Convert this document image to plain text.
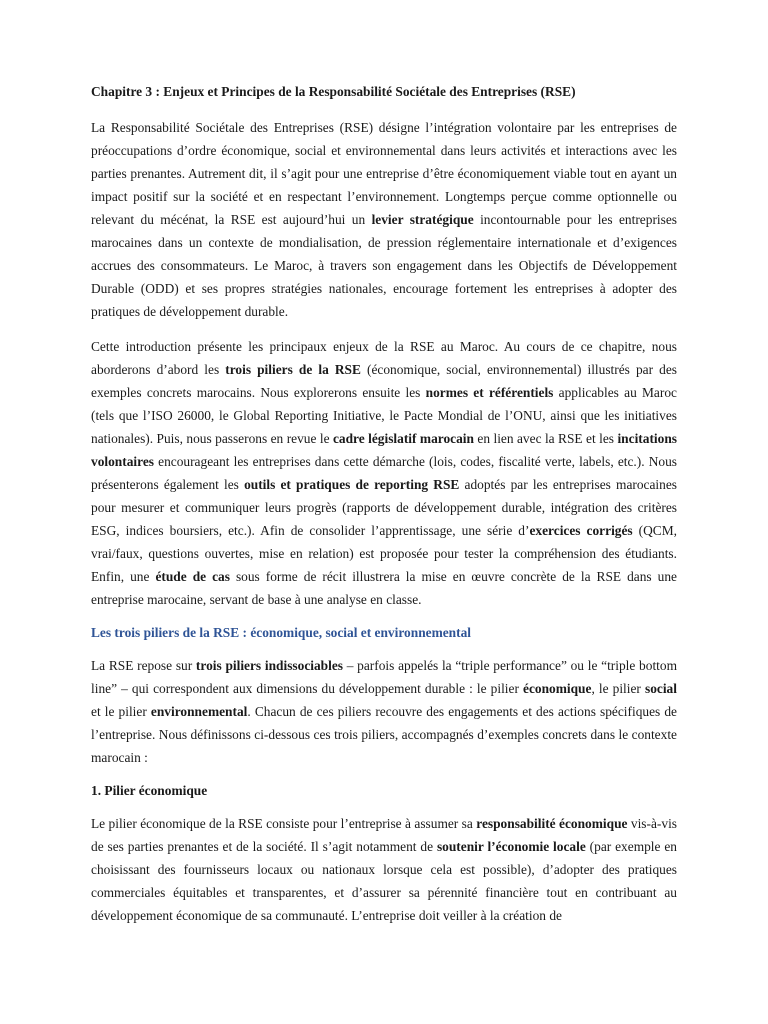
Chapitre 3 : Enjeux et Principes de la Responsabilité Sociétale des Entreprises (RSE)

La Responsabilité Sociétale des Entreprises (RSE) désigne l’intégration volontaire par les entreprises de préoccupations d’ordre économique, social et environnemental dans leurs activités et interactions avec les parties prenantes. Autrement dit, il s’agit pour une entreprise d’être économiquement viable tout en ayant un impact positif sur la société et en respectant l’environnement. Longtemps perçue comme optionnelle ou relevant du mécénat, la RSE est aujourd’hui un levier stratégique incontournable pour les entreprises marocaines dans un contexte de mondialisation, de pression réglementaire internationale et d’exigences accrues des consommateurs. Le Maroc, à travers son engagement dans les Objectifs de Développement Durable (ODD) et ses propres stratégies nationales, encourage fortement les entreprises à adopter des pratiques de développement durable.

Cette introduction présente les principaux enjeux de la RSE au Maroc. Au cours de ce chapitre, nous aborderons d’abord les trois piliers de la RSE (économique, social, environnemental) illustrés par des exemples concrets marocains. Nous explorerons ensuite les normes et référentiels applicables au Maroc (tels que l’ISO 26000, le Global Reporting Initiative, le Pacte Mondial de l’ONU, ainsi que les initiatives nationales). Puis, nous passerons en revue le cadre législatif marocain en lien avec la RSE et les incitations volontaires encourageant les entreprises dans cette démarche (lois, codes, fiscalité verte, labels, etc.). Nous présenterons également les outils et pratiques de reporting RSE adoptés par les entreprises marocaines pour mesurer et communiquer leurs progrès (rapports de développement durable, intégration des critères ESG, indices boursiers, etc.). Afin de consolider l’apprentissage, une série d’exercices corrigés (QCM, vrai/faux, questions ouvertes, mise en relation) est proposée pour tester la compréhension des étudiants. Enfin, une étude de cas sous forme de récit illustrera la mise en œuvre concrète de la RSE dans une entreprise marocaine, servant de base à une analyse en classe.

Les trois piliers de la RSE : économique, social et environnemental

La RSE repose sur trois piliers indissociables – parfois appelés la “triple performance” ou le “triple bottom line” – qui correspondent aux dimensions du développement durable : le pilier économique, le pilier social et le pilier environnemental. Chacun de ces piliers recouvre des engagements et des actions spécifiques de l’entreprise. Nous définissons ci-dessous ces trois piliers, accompagnés d’exemples concrets dans le contexte marocain :

1. Pilier économique

Le pilier économique de la RSE consiste pour l’entreprise à assumer sa responsabilité économique vis-à-vis de ses parties prenantes et de la société. Il s’agit notamment de soutenir l’économie locale (par exemple en choisissant des fournisseurs locaux ou nationaux lorsque cela est possible), d’adopter des pratiques commerciales équitables et transparentes, et d’assurer sa pérennité financière tout en contribuant au développement économique de sa communauté. L’entreprise doit veiller à la création de
